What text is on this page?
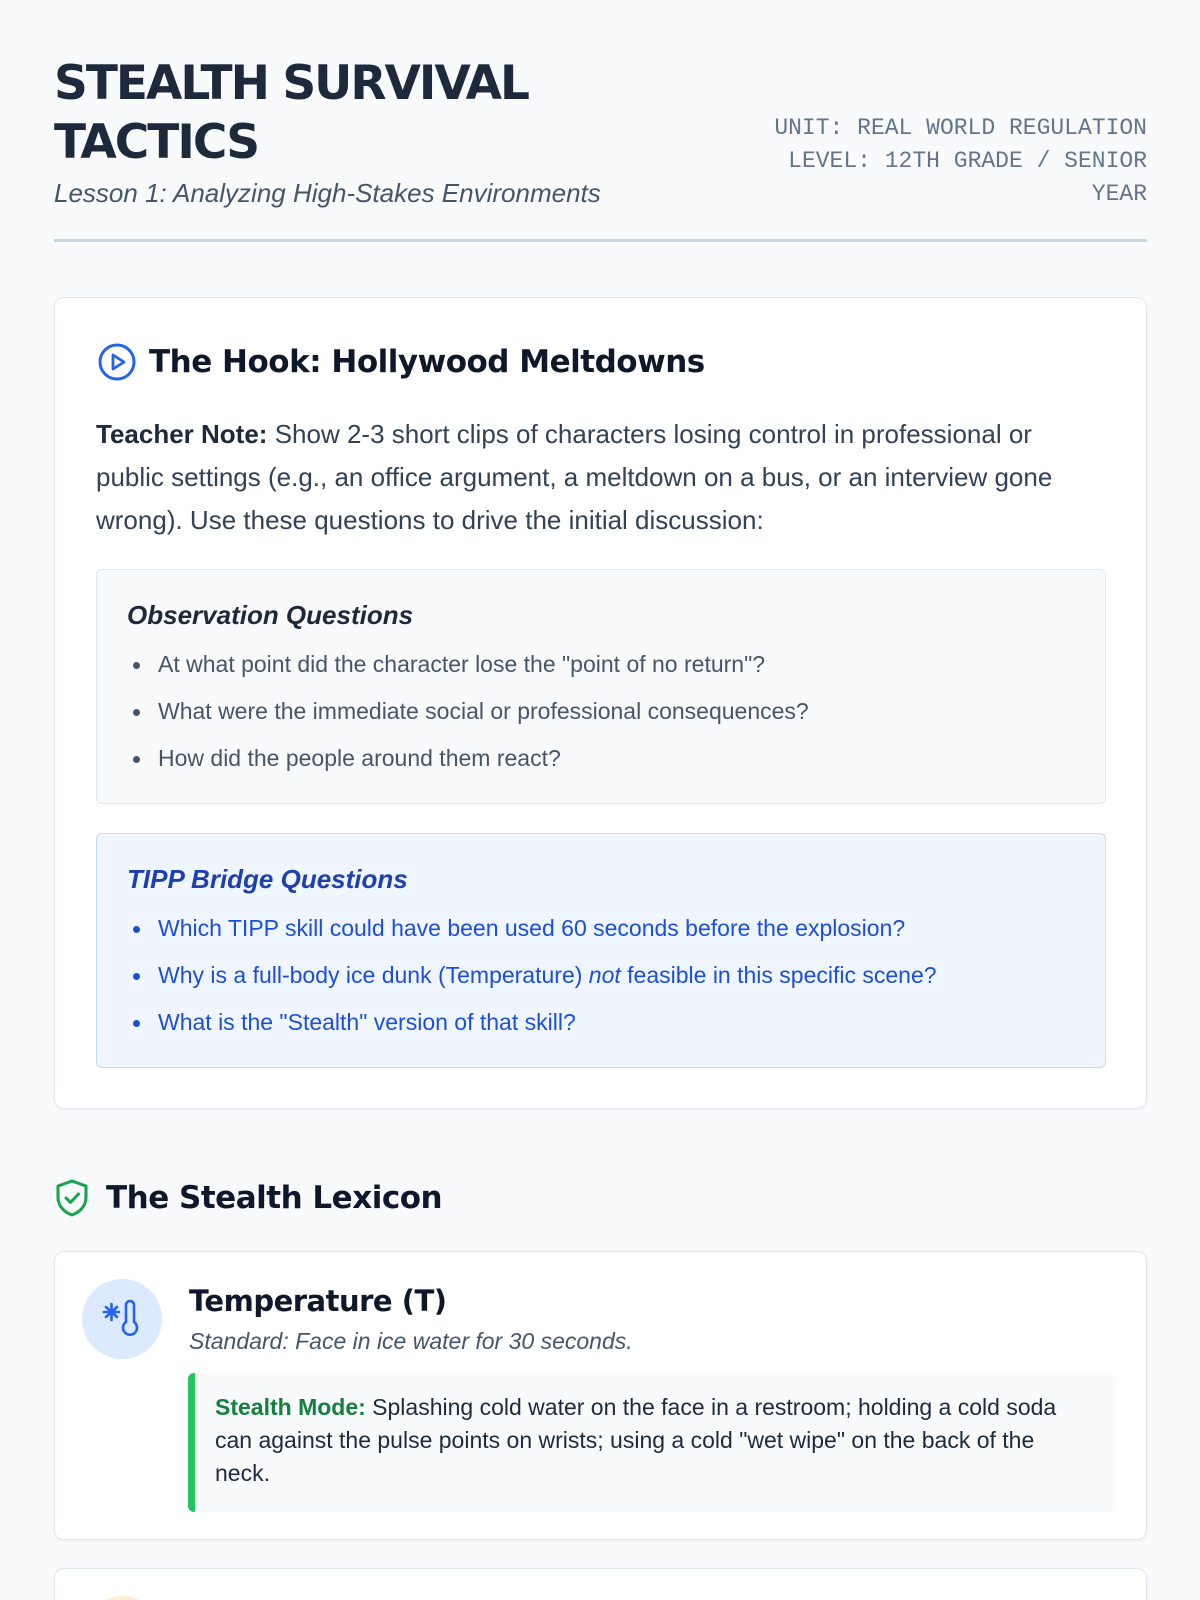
STEALTH SURVIVAL TACTICS
Lesson 1: Analyzing High-Stakes Environments
UNIT: REAL WORLD REGULATION
LEVEL: 12TH GRADE / SENIOR YEAR
The Hook: Hollywood Meltdowns

Teacher Note: Show 2-3 short clips of characters losing control in professional or public settings (e.g., an office argument, a meltdown on a bus, or an interview gone wrong). Use these questions to drive the initial discussion:

Observation Questions
At what point did the character lose the "point of no return"?
What were the immediate social or professional consequences?
How did the people around them react?
TIPP Bridge Questions
Which TIPP skill could have been used 60 seconds before the explosion?
Why is a full-body ice dunk (Temperature) not feasible in this specific scene?
What is the "Stealth" version of that skill?
The Stealth Lexicon
Temperature (T)
Standard: Face in ice water for 30 seconds.
Stealth Mode: Splashing cold water on the face in a restroom; holding a cold soda can against the pulse points on wrists; using a cold "wet wipe" on the back of the neck.
